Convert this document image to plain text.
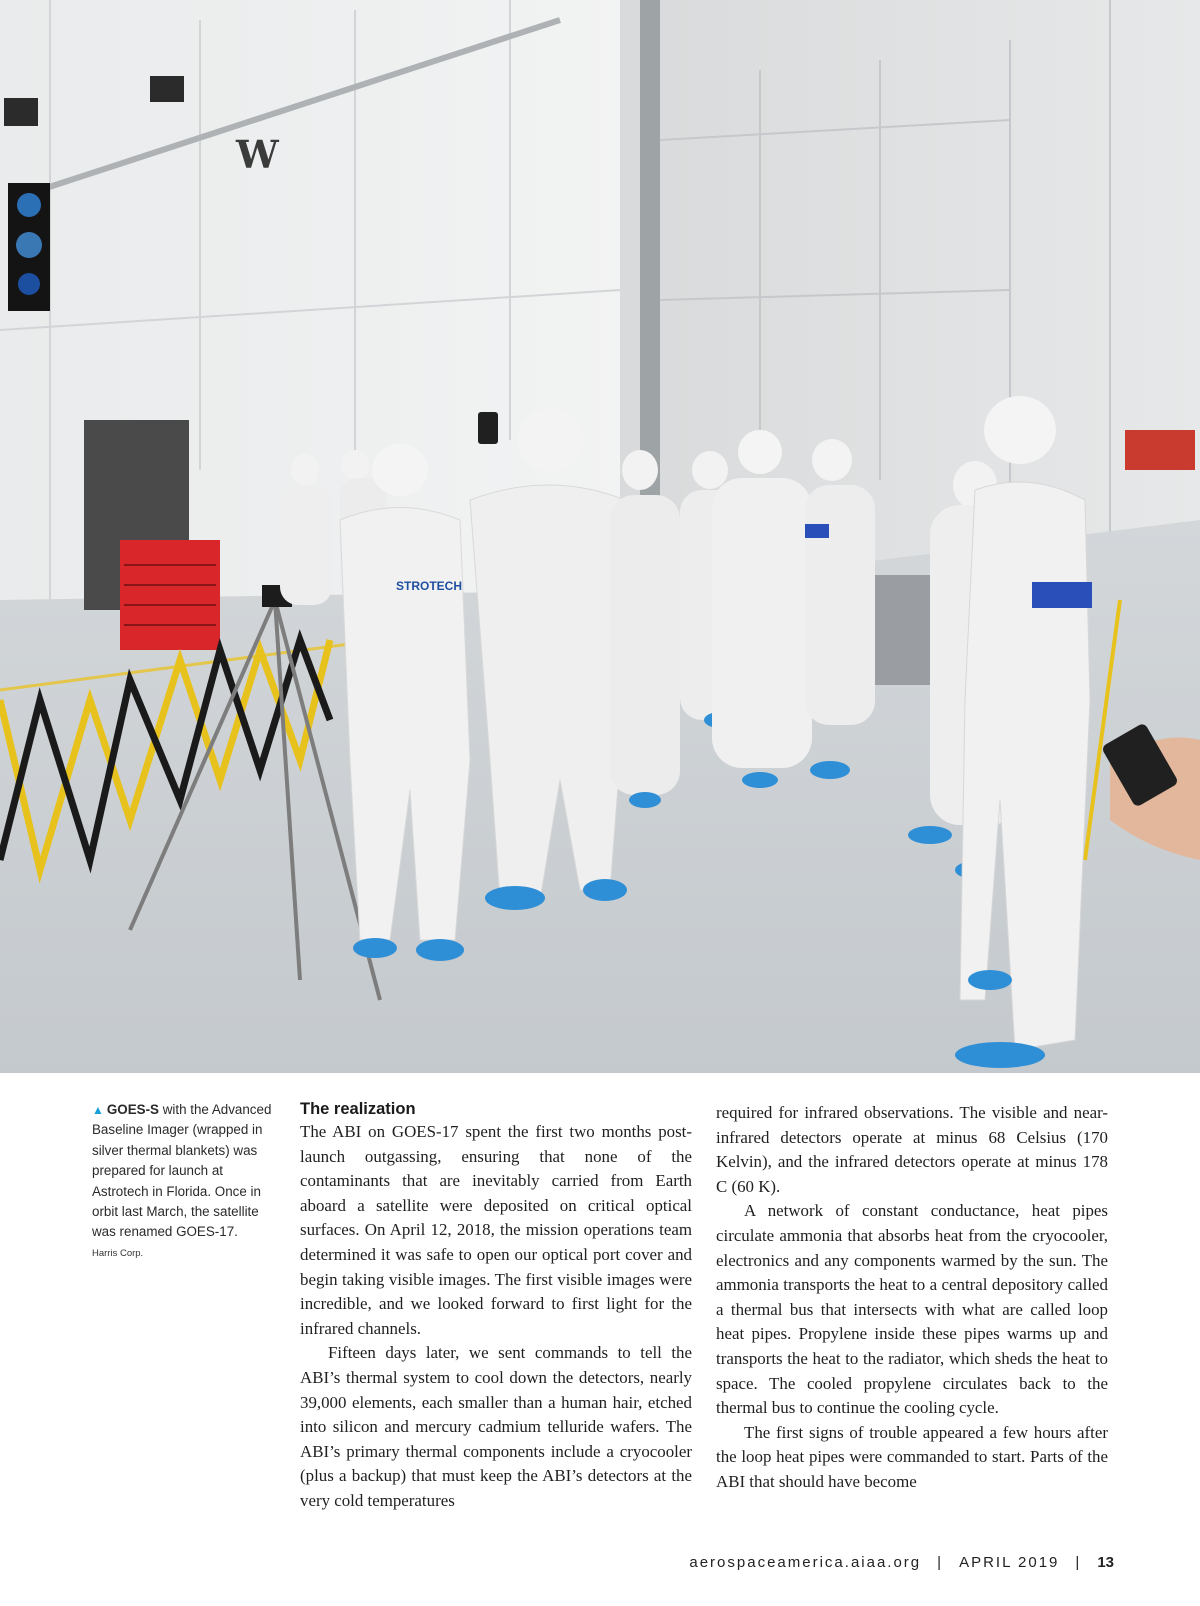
W
STROTECH
▲ GOES-S with the Advanced Baseline Imager (wrapped in silver thermal blankets) was prepared for launch at Astrotech in Florida. Once in orbit last March, the satellite was renamed GOES-17.
Harris Corp.
The realization

The ABI on GOES-17 spent the first two months post-launch outgassing, ensuring that none of the contaminants that are inevitably carried from Earth aboard a satellite were deposited on critical optical surfaces. On April 12, 2018, the mission operations team determined it was safe to open our optical port cover and begin taking visible images. The first visible images were incredible, and we looked forward to first light for the infrared channels.

Fifteen days later, we sent commands to tell the ABI’s thermal system to cool down the detectors, nearly 39,000 elements, each smaller than a human hair, etched into silicon and mercury cadmium telluride wafers. The ABI’s primary thermal components include a cryocooler (plus a backup) that must keep the ABI’s detectors at the very cold temperatures

required for infrared observations. The visible and near-infrared detectors operate at minus 68 Celsius (170 Kelvin), and the infrared detectors operate at minus 178 C (60 K).

A network of constant conductance, heat pipes circulate ammonia that absorbs heat from the cryocooler, electronics and any components warmed by the sun. The ammonia transports the heat to a central depository called a thermal bus that intersects with what are called loop heat pipes. Propylene inside these pipes warms up and transports the heat to the radiator, which sheds the heat to space. The cooled propylene circulates back to the thermal bus to continue the cooling cycle.

The first signs of trouble appeared a few hours after the loop heat pipes were commanded to start. Parts of the ABI that should have become

aerospaceamerica.aiaa.org | APRIL 2019 | 13
